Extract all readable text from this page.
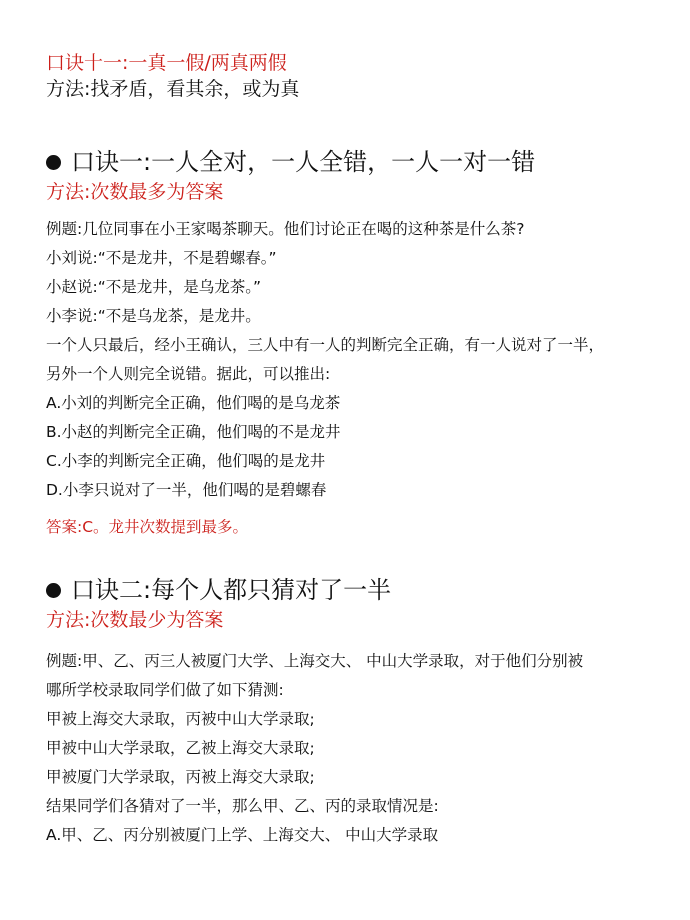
口诀十一:一真一假/两真两假
方法:找矛盾，看其余，或为真
口诀一:一人全对，一人全错，一人一对一错
方法:次数最多为答案
例题:几位同事在小王家喝茶聊天。他们讨论正在喝的这种茶是什么茶?
小刘说:“不是龙井，不是碧螺春。”
小赵说:“不是龙井，是乌龙茶。”
小李说:“不是乌龙茶，是龙井。
一个人只最后，经小王确认，三人中有一人的判断完全正确，有一人说对了一半，
另外一个人则完全说错。据此，可以推出:
A.小刘的判断完全正确，他们喝的是乌龙茶
B.小赵的判断完全正确，他们喝的不是龙井
C.小李的判断完全正确，他们喝的是龙井
D.小李只说对了一半，他们喝的是碧螺春
答案:C。龙井次数提到最多。
口诀二:每个人都只猜对了一半
方法:次数最少为答案
例题:甲、乙、丙三人被厦门大学、上海交大、 中山大学录取，对于他们分别被
哪所学校录取同学们做了如下猜测:
甲被上海交大录取，丙被中山大学录取;
甲被中山大学录取，乙被上海交大录取;
甲被厦门大学录取，丙被上海交大录取;
结果同学们各猜对了一半，那么甲、乙、丙的录取情况是:
A.甲、乙、丙分别被厦门上学、上海交大、 中山大学录取
